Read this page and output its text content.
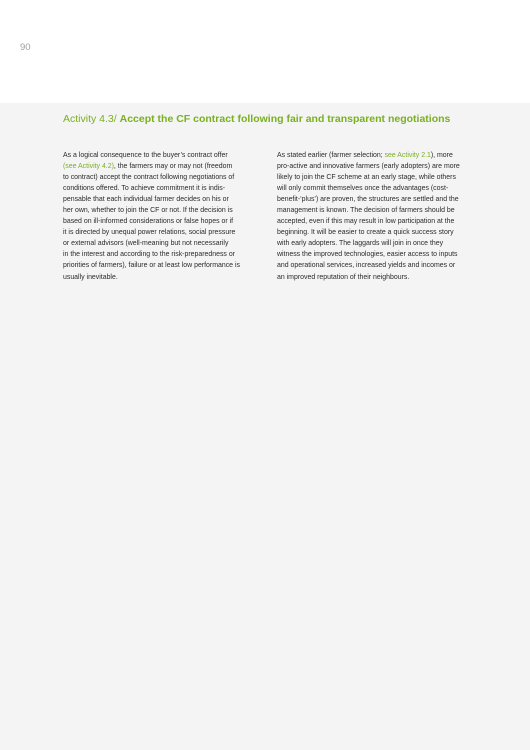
90
Activity 4.3/ Accept the CF contract following fair and transparent negotiations
As a logical consequence to the buyer’s contract offer
(see Activity 4.2), the farmers may or may not (freedom
to contract) accept the contract following negotiations of
conditions offered. To achieve commitment it is indis-
pensable that each individual farmer decides on his or
her own, whether to join the CF or not. If the decision is
based on ill-informed considerations or false hopes or if
it is directed by unequal power relations, social pressure
or external advisors (well-meaning but not necessarily
in the interest and according to the risk-preparedness or
priorities of farmers), failure or at least low performance is
usually inevitable.
As stated earlier (farmer selection; see Activity 2.1), more
pro-active and innovative farmers (early adopters) are more
likely to join the CF scheme at an early stage, while others
will only commit themselves once the advantages (cost-
benefit-‘plus’) are proven, the structures are settled and the
management is known. The decision of farmers should be
accepted, even if this may result in low participation at the
beginning. It will be easier to create a quick success story
with early adopters. The laggards will join in once they
witness the improved technologies, easier access to inputs
and operational services, increased yields and incomes or
an improved reputation of their neighbours.
